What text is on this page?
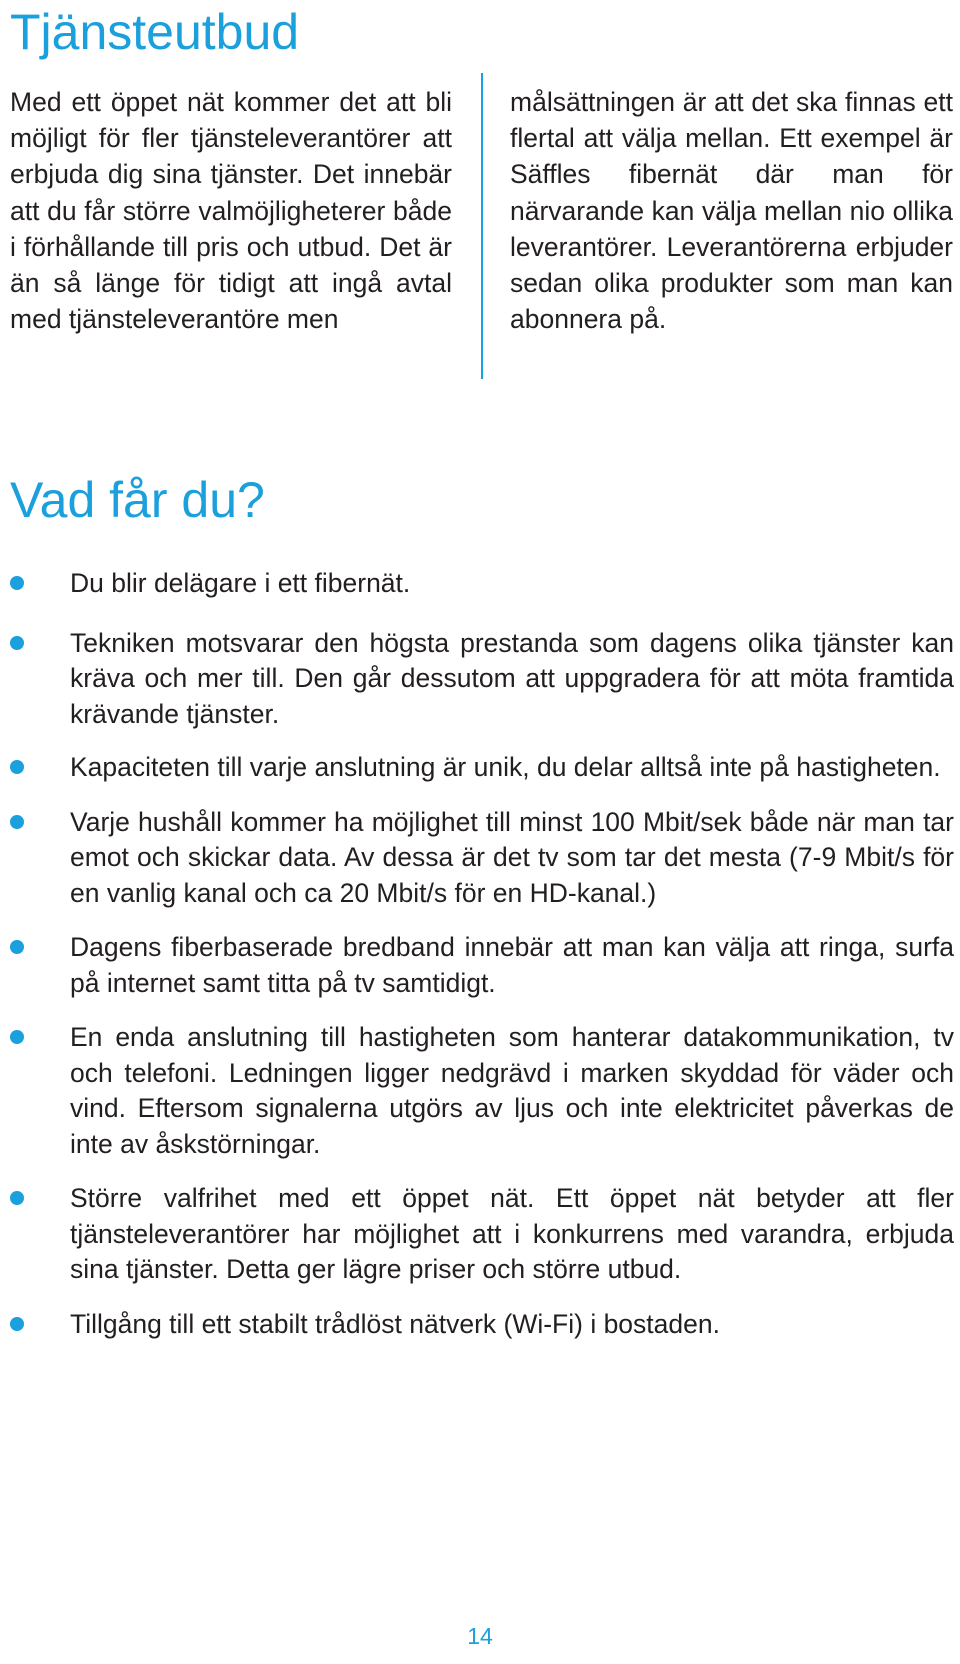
Tjänsteutbud
Med ett öppet nät kommer det att bli möjligt för fler tjänsteleverantörer att erbjuda dig sina tjänster. Det innebär att du får större valmöjligheterer både i förhållande till pris och utbud. Det är än så länge för tidigt att ingå avtal med tjänsteleverantöre men
målsättningen är att det ska finnas ett flertal att välja mellan. Ett exempel är Säffles fibernät där man för närvarande kan välja mellan nio ollika leverantörer. Leverantörerna erbjuder sedan olika produkter som man kan abonnera på.
Vad får du?
Du blir delägare i ett fibernät.
Tekniken motsvarar den högsta prestanda som dagens olika tjänster kan kräva och mer till. Den går dessutom att uppgradera för att möta framtida krävande tjänster.
Kapaciteten till varje anslutning är unik, du delar alltså inte på hastigheten.
Varje hushåll kommer ha möjlighet till minst 100 Mbit/sek både när man tar emot och skickar data. Av dessa är det tv som tar det mesta (7-9 Mbit/s för en vanlig kanal och ca 20 Mbit/s för en HD-kanal.)
Dagens fiberbaserade bredband innebär att man kan välja att ringa, surfa på internet samt titta på tv samtidigt.
En enda anslutning till hastigheten som hanterar datakommunikation, tv och telefoni. Ledningen ligger nedgrävd i marken skyddad för väder och vind. Eftersom signalerna utgörs av ljus och inte elektricitet påverkas de inte av åskstörningar.
Större valfrihet med ett öppet nät. Ett öppet nät betyder att fler tjänsteleverantörer har möjlighet att i konkurrens med varandra, erbjuda sina tjänster. Detta ger lägre priser och större utbud.
Tillgång till ett stabilt trådlöst nätverk (Wi-Fi) i bostaden.
14
